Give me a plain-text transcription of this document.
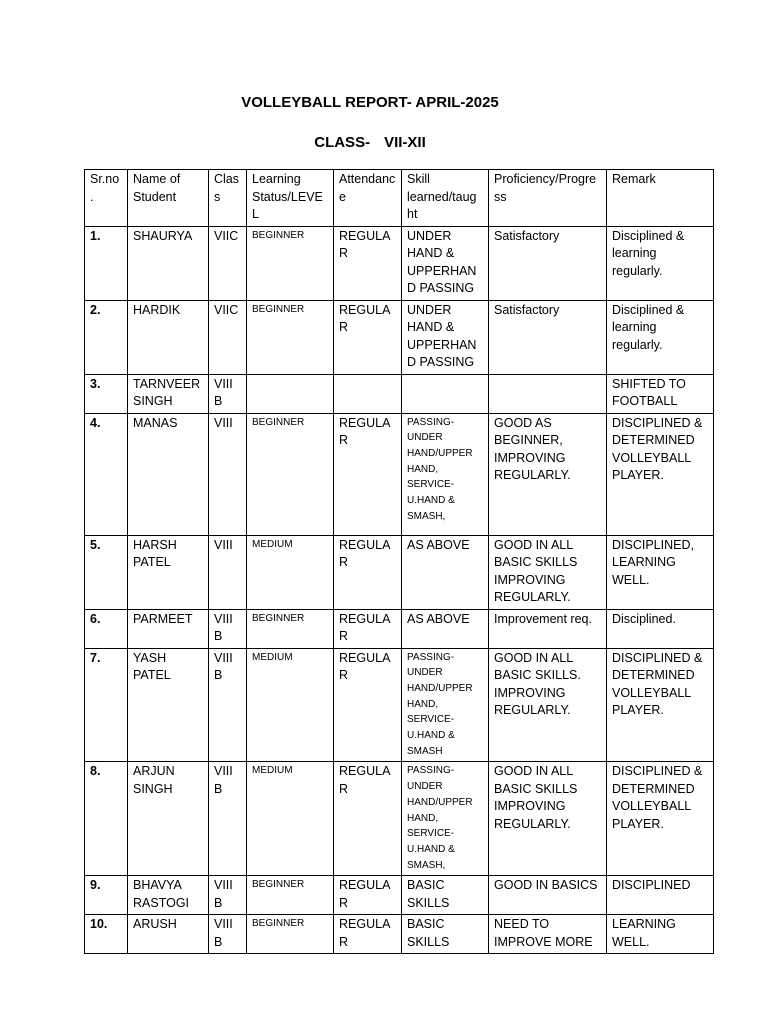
VOLLEYBALL REPORT- APRIL-2025
CLASS- VII-XII
Sr.no.	Name of Student	Class	Learning Status/LEVEL	Attendance	Skill learned/taught	Proficiency/Progress	Remark
1.	SHAURYA	VIIC	BEGINNER	REGULAR	UNDER HAND & UPPERHAND PASSING	Satisfactory	Disciplined & learning regularly.
2.	HARDIK	VIIC	BEGINNER	REGULAR	UNDER HAND & UPPERHAND PASSING	Satisfactory	Disciplined & learning regularly.
3.	TARNVEER SINGH	VIII B					SHIFTED TO FOOTBALL
4.	MANAS	VIII	BEGINNER	REGULAR	PASSING-UNDER HAND/UPPER HAND, SERVICE-U.HAND & SMASH,	GOOD AS BEGINNER, IMPROVING REGULARLY.	DISCIPLINED & DETERMINED VOLLEYBALL PLAYER.
5.	HARSH PATEL	VIII	MEDIUM	REGULAR	AS ABOVE	GOOD IN ALL BASIC SKILLS IMPROVING REGULARLY.	DISCIPLINED, LEARNING WELL.
6.	PARMEET	VIII B	BEGINNER	REGULAR	AS ABOVE	Improvement req.	Disciplined.
7.	YASH PATEL	VIII B	MEDIUM	REGULAR	PASSING-UNDER HAND/UPPER HAND, SERVICE-U.HAND & SMASH	GOOD IN ALL BASIC SKILLS. IMPROVING REGULARLY.	DISCIPLINED & DETERMINED VOLLEYBALL PLAYER.
8.	ARJUN SINGH	VIII B	MEDIUM	REGULAR	PASSING-UNDER HAND/UPPER HAND, SERVICE-U.HAND & SMASH,	GOOD IN ALL BASIC SKILLS IMPROVING REGULARLY.	DISCIPLINED & DETERMINED VOLLEYBALL PLAYER.
9.	BHAVYA RASTOGI	VIII B	BEGINNER	REGULAR	BASIC SKILLS	GOOD IN BASICS	DISCIPLINED
10.	ARUSH	VIII B	BEGINNER	REGULAR	BASIC SKILLS	NEED TO IMPROVE MORE	LEARNING WELL.
